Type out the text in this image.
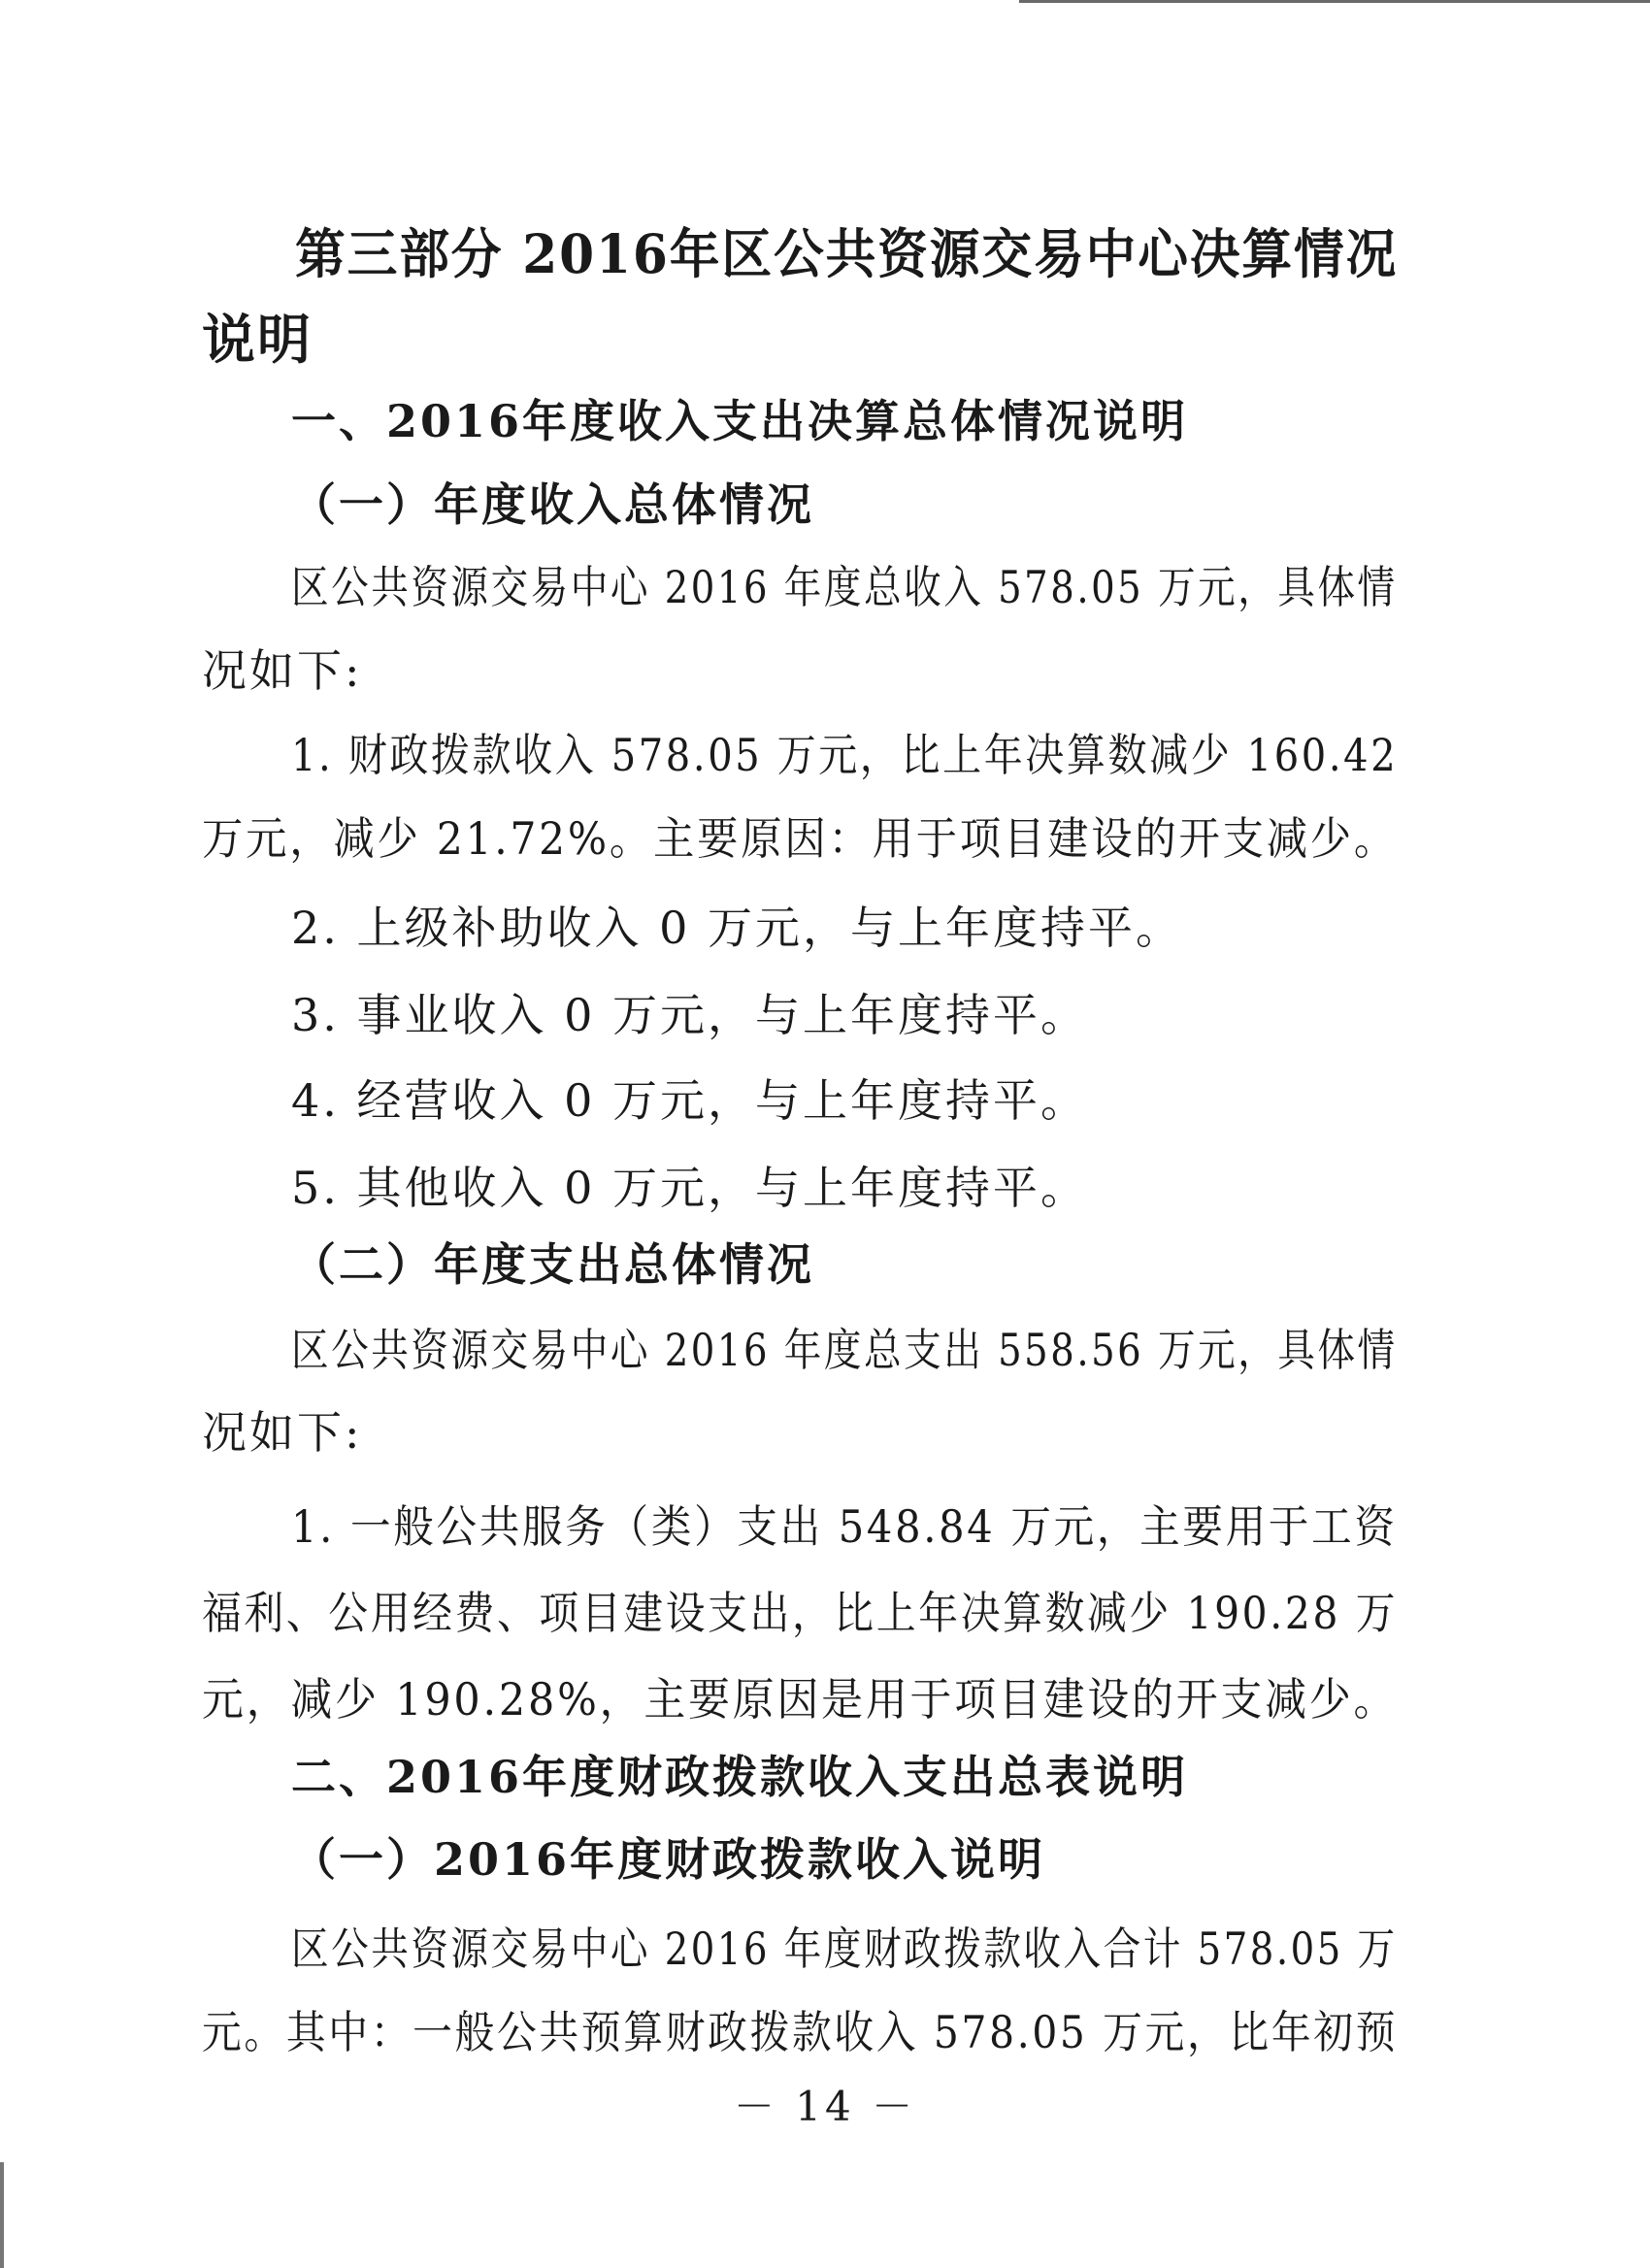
第三部分 2016年区公共资源交易中心决算情况
说明
一、2016年度收入支出决算总体情况说明
（一）年度收入总体情况
区公共资源交易中心 2016 年度总收入 578.05 万元，具体情
况如下:
1. 财政拨款收入 578.05 万元，比上年决算数减少 160.42
万元，减少 21.72%。主要原因：用于项目建设的开支减少。
2. 上级补助收入 0 万元，与上年度持平。
3. 事业收入 0 万元，与上年度持平。
4. 经营收入 0 万元，与上年度持平。
5. 其他收入 0 万元，与上年度持平。
（二）年度支出总体情况
区公共资源交易中心 2016 年度总支出 558.56 万元，具体情
况如下:
1. 一般公共服务（类）支出 548.84 万元，主要用于工资
福利、公用经费、项目建设支出，比上年决算数减少 190.28 万
元，减少 190.28%，主要原因是用于项目建设的开支减少。
二、2016年度财政拨款收入支出总表说明
（一）2016年度财政拨款收入说明
区公共资源交易中心 2016 年度财政拨款收入合计 578.05 万
元。其中：一般公共预算财政拨款收入 578.05 万元，比年初预
－ 14 －
